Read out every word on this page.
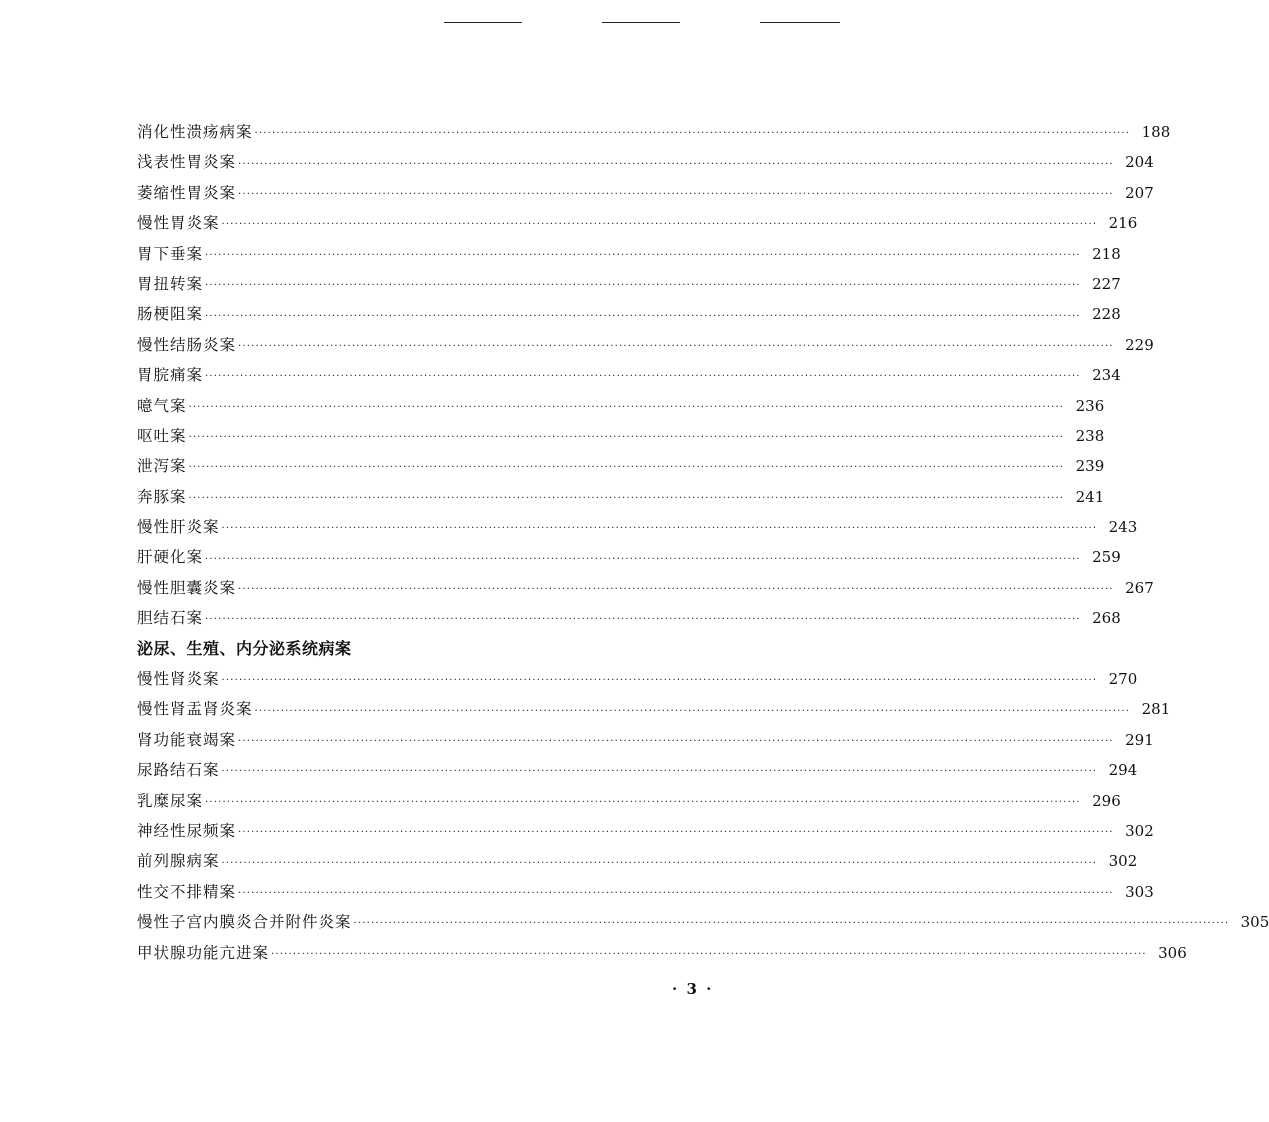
消化性溃疡病案 ········································································································································································································ 188
浅表性胃炎案 ········································································································································································································ 204
萎缩性胃炎案 ········································································································································································································ 207
慢性胃炎案 ········································································································································································································ 216
胃下垂案 ········································································································································································································ 218
胃扭转案 ········································································································································································································ 227
肠梗阻案 ········································································································································································································ 228
慢性结肠炎案 ········································································································································································································ 229
胃脘痛案 ········································································································································································································ 234
噫气案 ········································································································································································································ 236
呕吐案 ········································································································································································································ 238
泄泻案 ········································································································································································································ 239
奔豚案 ········································································································································································································ 241
慢性肝炎案 ········································································································································································································ 243
肝硬化案 ········································································································································································································ 259
慢性胆囊炎案 ········································································································································································································ 267
胆结石案 ········································································································································································································ 268
泌尿、生殖、内分泌系统病案
慢性肾炎案 ········································································································································································································ 270
慢性肾盂肾炎案 ········································································································································································································ 281
肾功能衰竭案 ········································································································································································································ 291
尿路结石案 ········································································································································································································ 294
乳糜尿案 ········································································································································································································ 296
神经性尿频案 ········································································································································································································ 302
前列腺病案 ········································································································································································································ 302
性交不排精案 ········································································································································································································ 303
慢性子宫内膜炎合并附件炎案 ········································································································································································································ 305
甲状腺功能亢进案 ········································································································································································································ 306
· 3 ·
